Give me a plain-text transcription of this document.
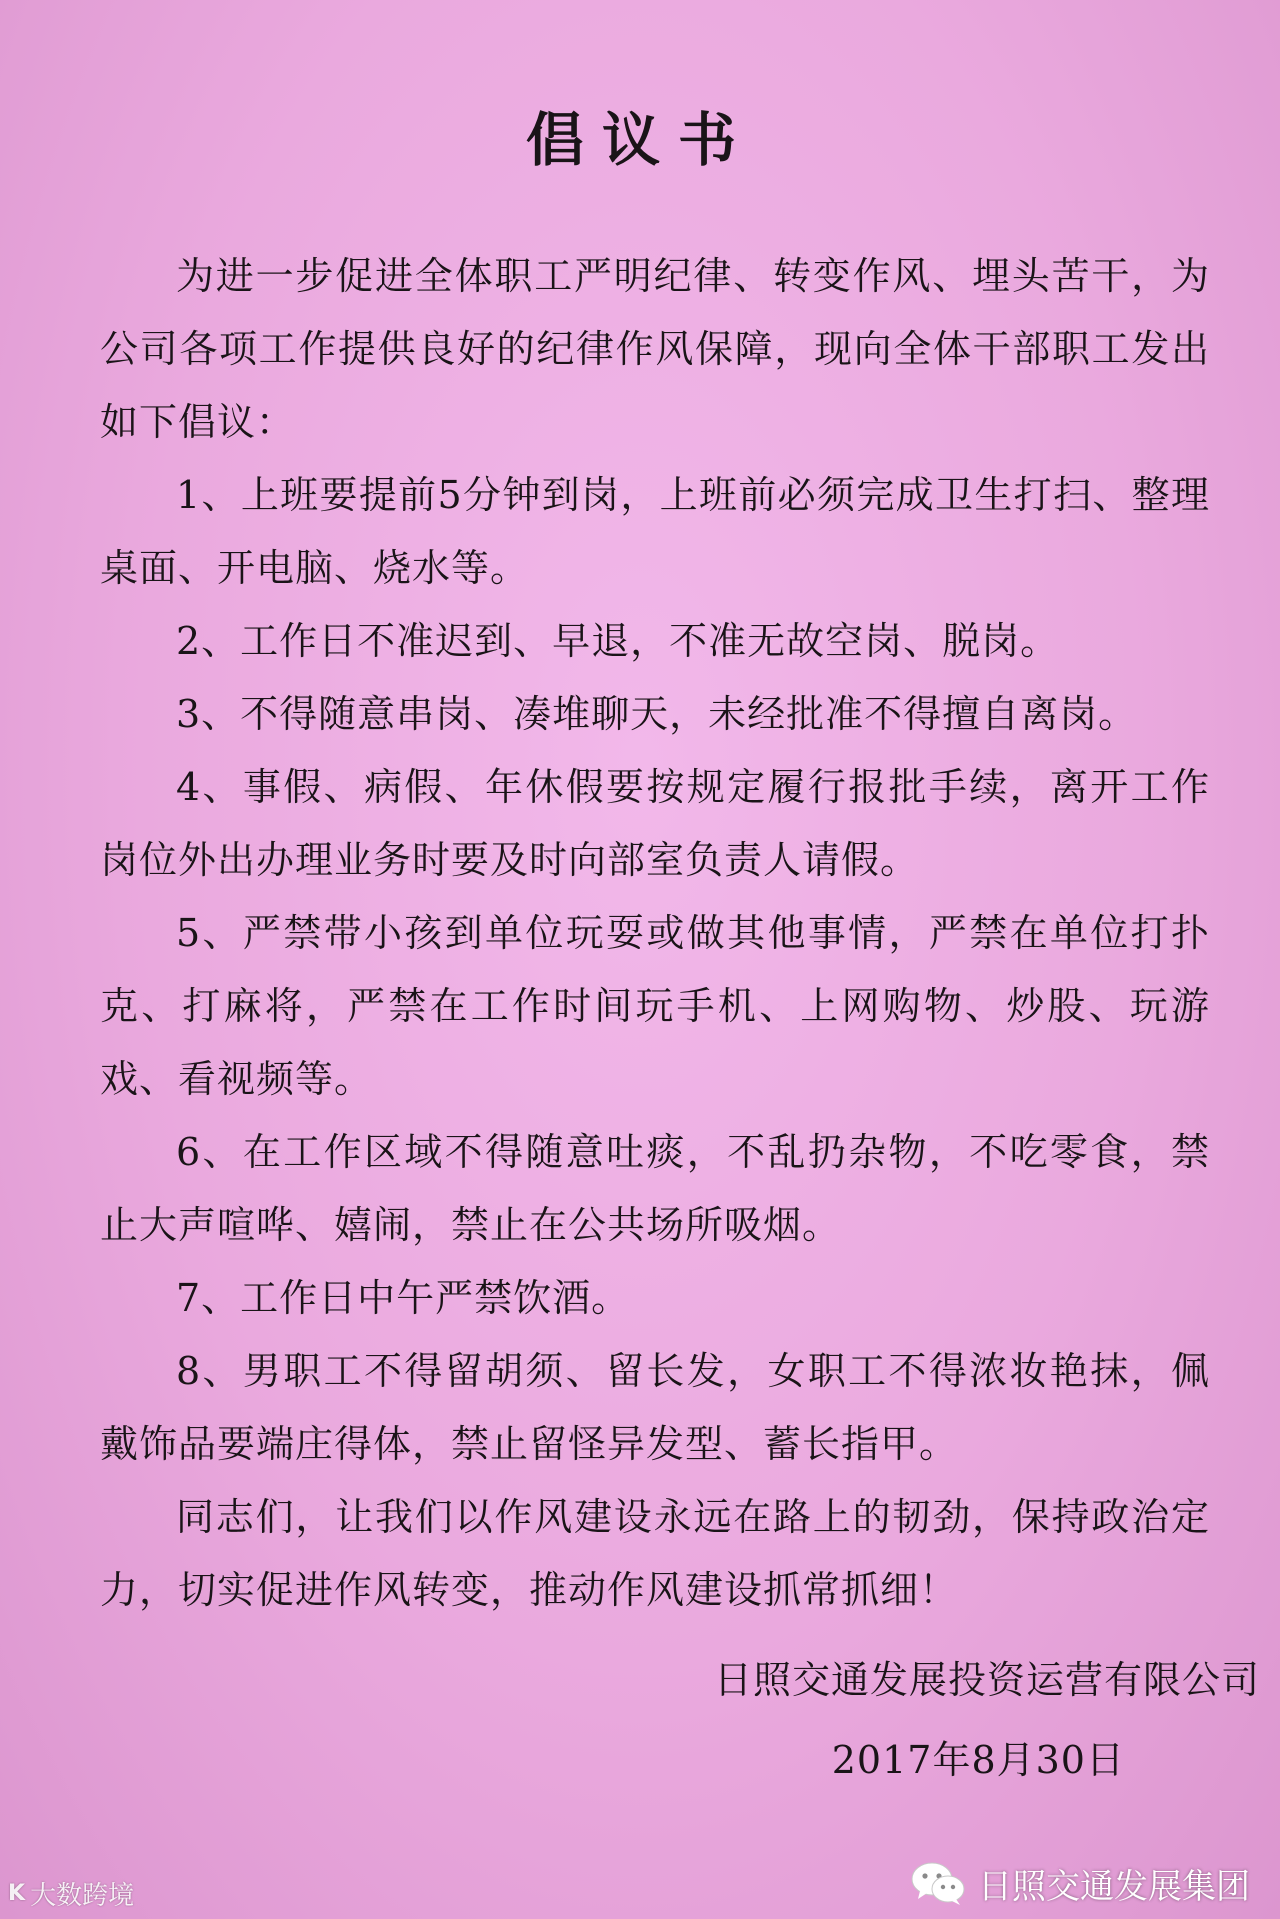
倡议书

为进一步促进全体职工严明纪律、转变作风、埋头苦干，为公司各项工作提供良好的纪律作风保障，现向全体干部职工发出如下倡议：

1、上班要提前5分钟到岗，上班前必须完成卫生打扫、整理桌面、开电脑、烧水等。

2、工作日不准迟到、早退，不准无故空岗、脱岗。

3、不得随意串岗、凑堆聊天，未经批准不得擅自离岗。

4、事假、病假、年休假要按规定履行报批手续，离开工作岗位外出办理业务时要及时向部室负责人请假。

5、严禁带小孩到单位玩耍或做其他事情，严禁在单位打扑克、打麻将，严禁在工作时间玩手机、上网购物、炒股、玩游戏、看视频等。

6、在工作区域不得随意吐痰，不乱扔杂物，不吃零食，禁止大声喧哗、嬉闹，禁止在公共场所吸烟。

7、工作日中午严禁饮酒。

8、男职工不得留胡须、留长发，女职工不得浓妆艳抹，佩戴饰品要端庄得体，禁止留怪异发型、蓄长指甲。

同志们，让我们以作风建设永远在路上的韧劲，保持政治定力，切实促进作风转变，推动作风建设抓常抓细！

日照交通发展投资运营有限公司
2017年8月30日
K 大数跨境	日照交通发展集团
